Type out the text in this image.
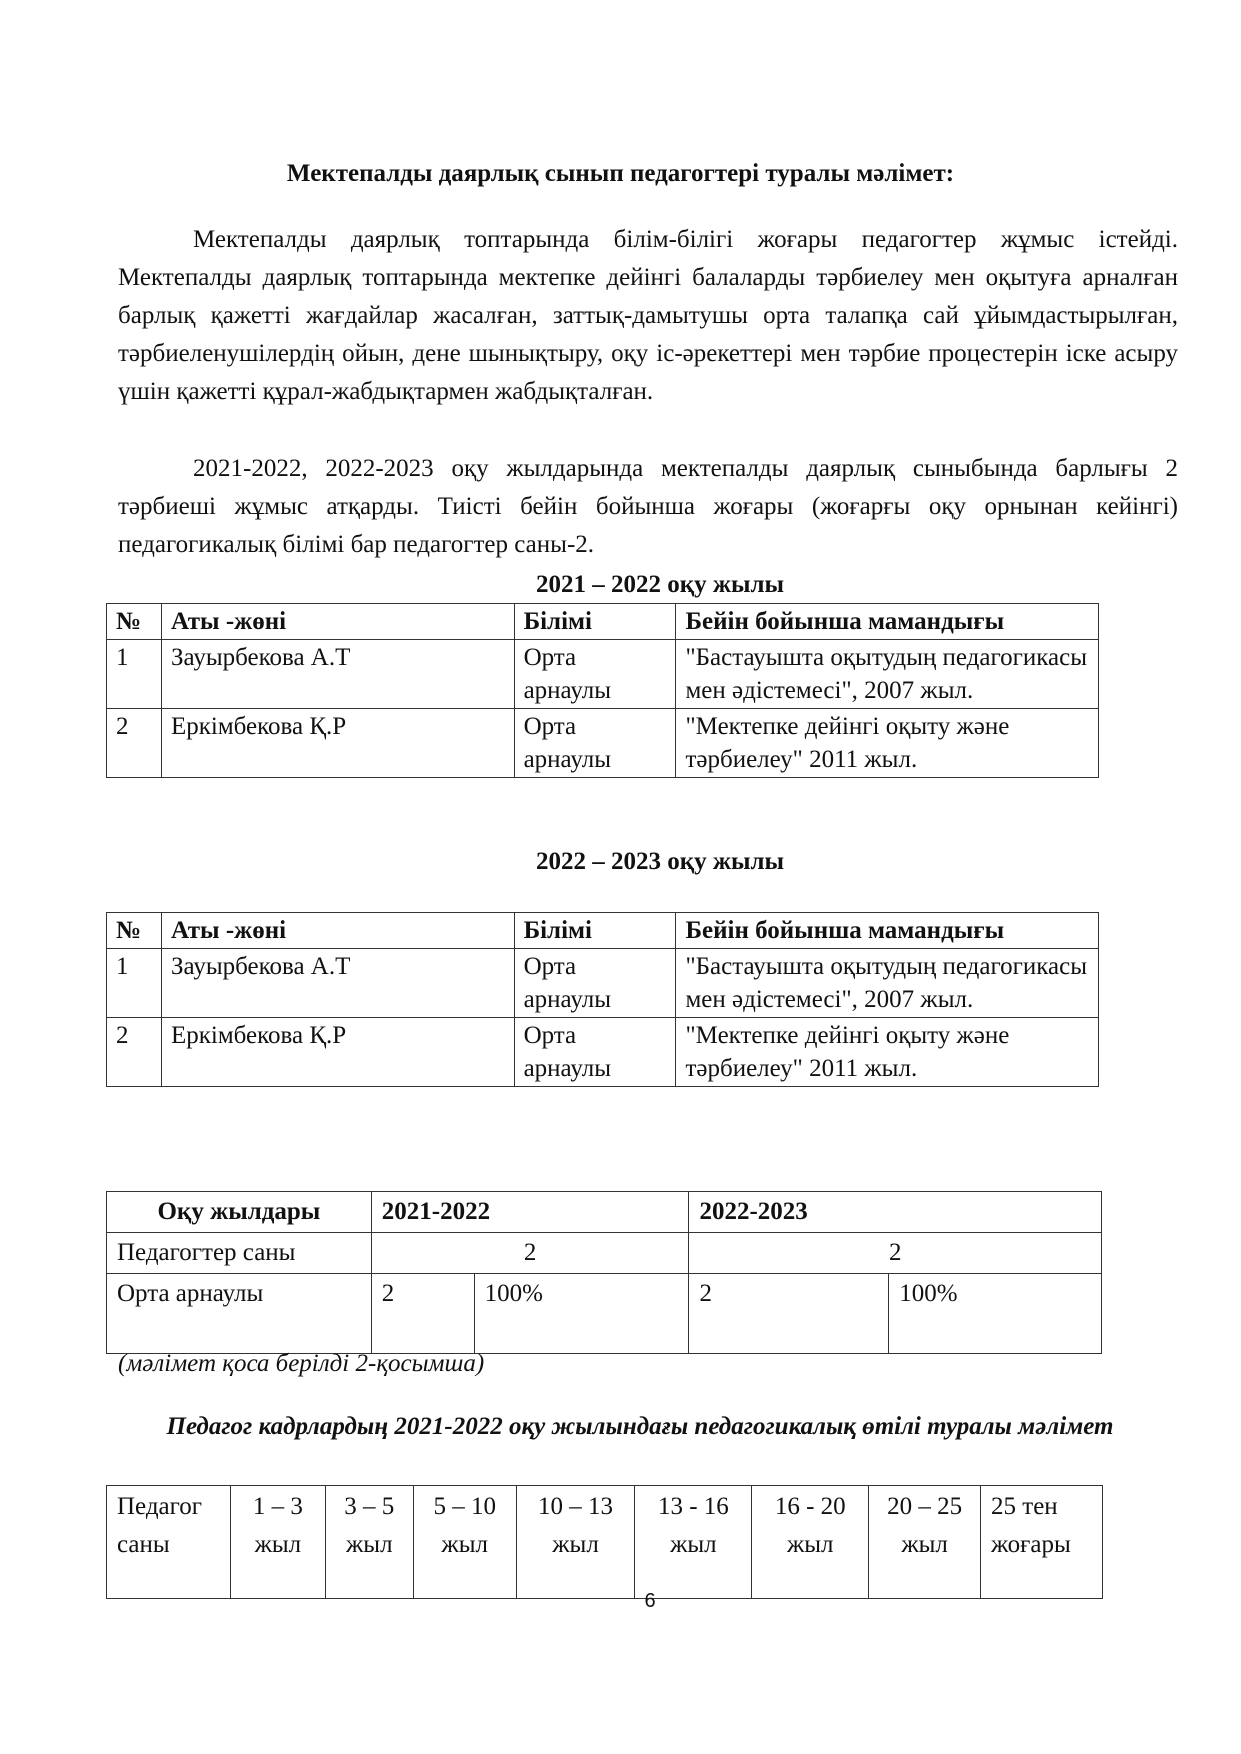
Мектепалды даярлық сынып педагогтері туралы мәлімет:

Мектепалды даярлық топтарында білім-білігі жоғары педагогтер жұмыс істейді. Мектепалды даярлық топтарында мектепке дейінгі балаларды тәрбиелеу мен оқытуға арналған барлық қажетті жағдайлар жасалған, заттық-дамытушы орта талапқа сай ұйымдастырылған, тәрбиеленушілердің ойын, дене шынықтыру, оқу іс-әрекеттері мен тәрбие процестерін іске асыру үшін қажетті құрал-жабдықтармен жабдықталған.

2021-2022, 2022-2023 оқу жылдарында мектепалды даярлық сыныбында барлығы 2 тәрбиеші жұмыс атқарды. Тиісті бейін бойынша жоғары (жоғарғы оқу орнынан кейінгі) педагогикалық білімі бар педагогтер саны-2.

2021 – 2022 оқу жылы
№	Аты -жөні	Білімі	Бейін бойынша мамандығы
1	Зауырбекова А.Т	Орта арнаулы	"Бастауышта оқытудың педагогикасы мен әдістемесі", 2007 жыл.
2	Еркімбекова Қ.Р	Орта арнаулы	"Мектепке дейінгі оқыту және тәрбиелеу" 2011 жыл.
2022 – 2023 оқу жылы
№	Аты -жөні	Білімі	Бейін бойынша мамандығы
1	Зауырбекова А.Т	Орта арнаулы	"Бастауышта оқытудың педагогикасы мен әдістемесі", 2007 жыл.
2	Еркімбекова Қ.Р	Орта арнаулы	"Мектепке дейінгі оқыту және тәрбиелеу" 2011 жыл.
Оқу жылдары	2021-2022		2022-2023	
Педагогтер саны	2		2	
Орта арнаулы	2	100%	2	100%
(мәлімет қоса берілді 2-қосымша)
Педагог кадрлардың 2021-2022 оқу жылындағы педагогикалық өтілі туралы мәлімет
Педагог саны	1 – 3 жыл	3 – 5 жыл	5 – 10 жыл	10 – 13 жыл	13 - 16 жыл	16 - 20 жыл	20 – 25 жыл	25 тен жоғары
6
